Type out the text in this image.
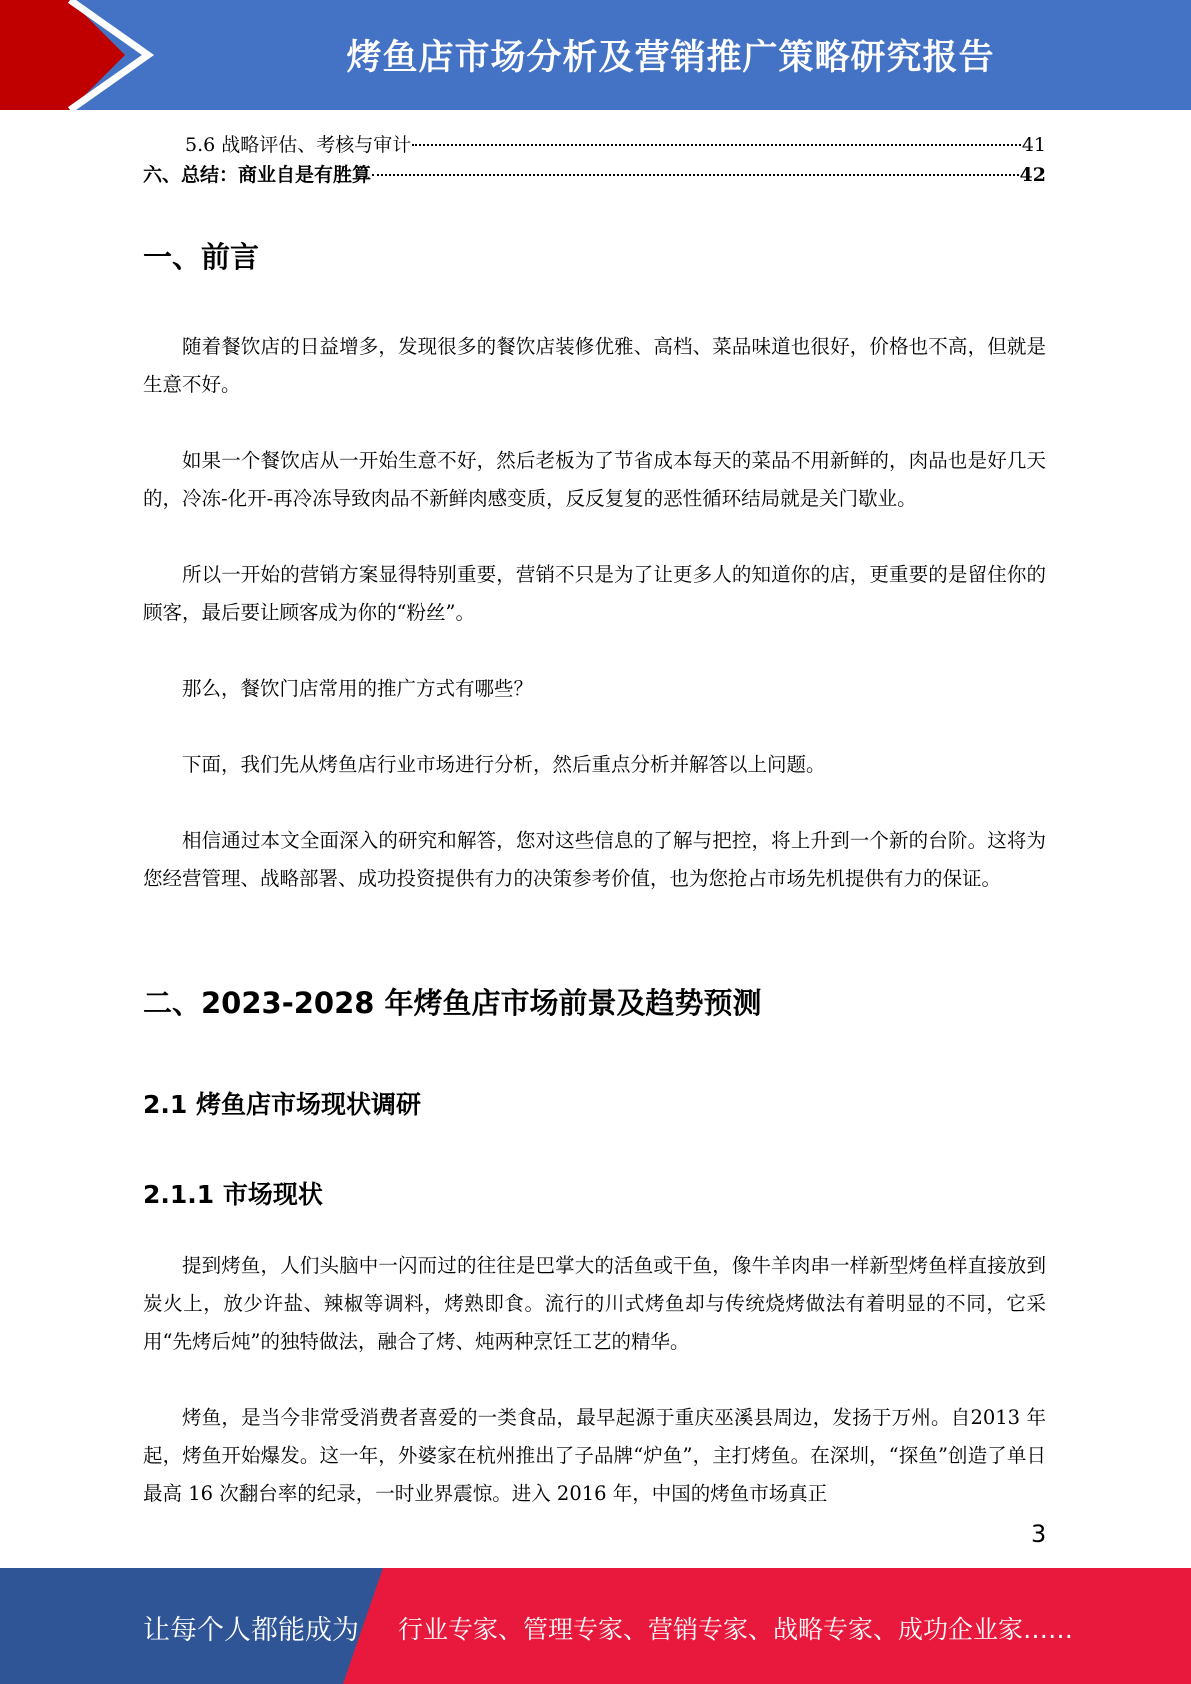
烤鱼店市场分析及营销推广策略研究报告
5.6 战略评估、考核与审计	41
六、总结：商业自是有胜算	42
一、前言

随着餐饮店的日益增多，发现很多的餐饮店装修优雅、高档、菜品味道也很好，价格也不高，但就是生意不好。

如果一个餐饮店从一开始生意不好，然后老板为了节省成本每天的菜品不用新鲜的，肉品也是好几天的，冷冻-化开-再冷冻导致肉品不新鲜肉感变质，反反复复的恶性循环结局就是关门歇业。

所以一开始的营销方案显得特别重要，营销不只是为了让更多人的知道你的店，更重要的是留住你的顾客，最后要让顾客成为你的“粉丝”。

那么，餐饮门店常用的推广方式有哪些？

下面，我们先从烤鱼店行业市场进行分析，然后重点分析并解答以上问题。

相信通过本文全面深入的研究和解答，您对这些信息的了解与把控，将上升到一个新的台阶。这将为您经营管理、战略部署、成功投资提供有力的决策参考价值，也为您抢占市场先机提供有力的保证。

二、2023-2028 年烤鱼店市场前景及趋势预测
2.1 烤鱼店市场现状调研
2.1.1 市场现状

提到烤鱼，人们头脑中一闪而过的往往是巴掌大的活鱼或干鱼，像牛羊肉串一样新型烤鱼样直接放到炭火上，放少许盐、辣椒等调料，烤熟即食。流行的川式烤鱼却与传统烧烤做法有着明显的不同，它采用“先烤后炖”的独特做法，融合了烤、炖两种烹饪工艺的精华。

烤鱼，是当今非常受消费者喜爱的一类食品，最早起源于重庆巫溪县周边，发扬于万州。自2013 年起，烤鱼开始爆发。这一年，外婆家在杭州推出了子品牌“炉鱼”，主打烤鱼。在深圳，“探鱼”创造了单日最高 16 次翻台率的纪录，一时业界震惊。进入 2016 年，中国的烤鱼市场真正

3
让每个人都能成为 行业专家、管理专家、营销专家、战略专家、成功企业家……
